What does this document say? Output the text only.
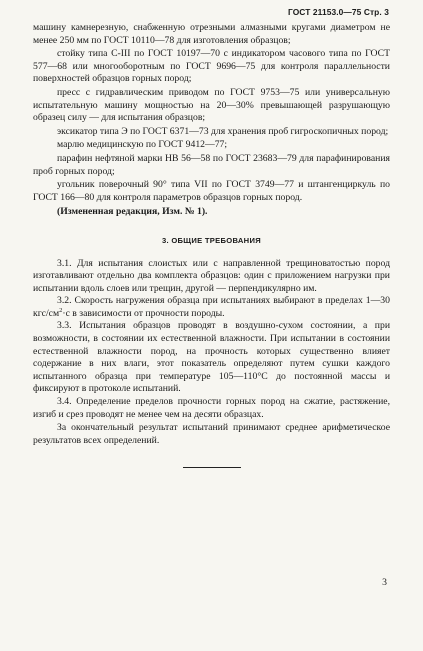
ГОСТ 21153.0—75 Стр. 3

машину камнерезную, снабженную отрезными алмазными кругами диаметром не менее 250 мм по ГОСТ 10110—78 для изготовления образцов;

стойку типа С-III по ГОСТ 10197—70 с индикатором часового типа по ГОСТ 577—68 или многооборотным по ГОСТ 9696—75 для контроля параллельности поверхностей образцов горных пород;

пресс с гидравлическим приводом по ГОСТ 9753—75 или универсальную испытательную машину мощностью на 20—30% превышающей разрушающую образец силу — для испытания образцов;

эксикатор типа Э по ГОСТ 6371—73 для хранения проб гигроскопичных пород;

марлю медицинскую по ГОСТ 9412—77;

парафин нефтяной марки НВ 56—58 по ГОСТ 23683—79 для парафинирования проб горных пород;

угольник поверочный 90° типа VII по ГОСТ 3749—77 и штангенциркуль по ГОСТ 166—80 для контроля параметров образцов горных пород.

(Измененная редакция, Изм. № 1).

3. ОБЩИЕ ТРЕБОВАНИЯ

3.1. Для испытания слоистых или с направленной трещиноватостью пород изготавливают отдельно два комплекта образцов: один с приложением нагрузки при испытании вдоль слоев или трещин, другой — перпендикулярно им.

3.2. Скорость нагружения образца при испытаниях выбирают в пределах 1—30 кгс/$см^2\cdot с$ в зависимости от прочности породы.

3.3. Испытания образцов проводят в воздушно-сухом состоянии, а при возможности, в состоянии их естественной влажности. При испытании в состоянии естественной влажности пород, на прочность которых существенно влияет содержание в них влаги, этот показатель определяют путем сушки каждого испытанного образца при температуре 105—110°С до постоянной массы и фиксируют в протоколе испытаний.

3.4. Определение пределов прочности горных пород на сжатие, растяжение, изгиб и срез проводят не менее чем на десяти образцах.

За окончательный результат испытаний принимают среднее арифметическое результатов всех определений.

3
